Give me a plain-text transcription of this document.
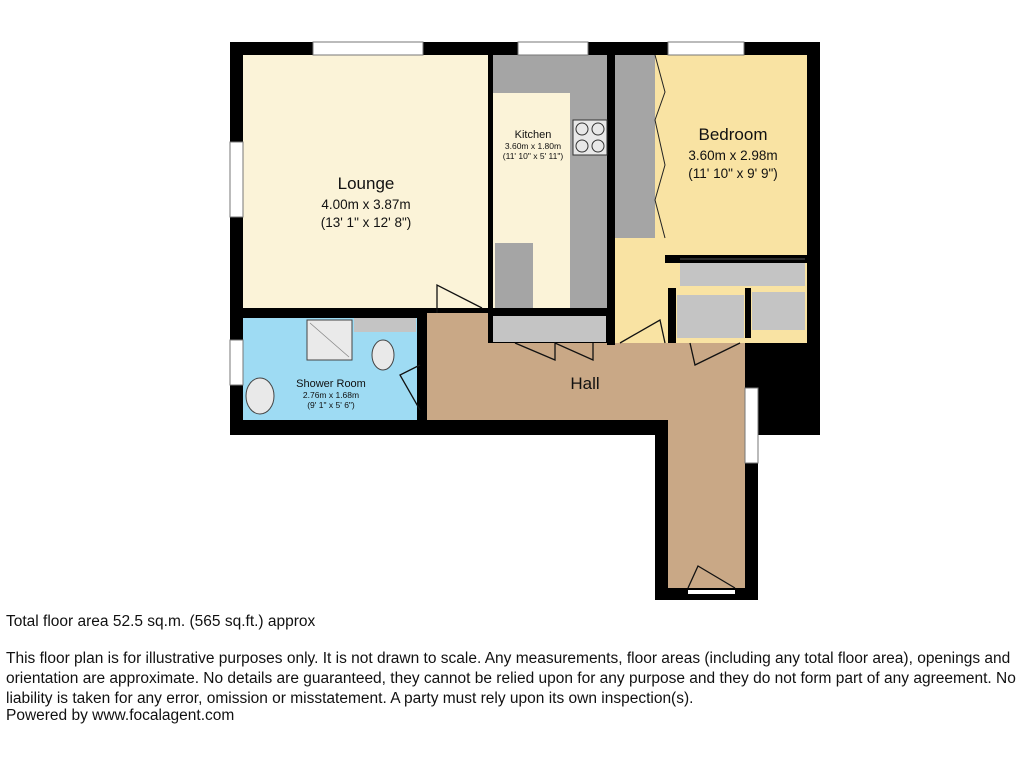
Lounge
4.00m x 3.87m
(13' 1" x 12' 8")
Kitchen
3.60m x 1.80m
(11' 10" x 5' 11")
Bedroom
3.60m x 2.98m
(11' 10" x 9' 9")
Shower Room
2.76m x 1.68m
(9' 1" x 5' 6")
Hall
Total floor area 52.5 sq.m. (565 sq.ft.) approx
This floor plan is for illustrative purposes only. It is not drawn to scale. Any measurements, floor areas (including any total floor area), openings and orientation are approximate. No details are guaranteed, they cannot be relied upon for any purpose and they do not form part of any agreement. No liability is taken for any error, omission or misstatement. A party must rely upon its own inspection(s).
Powered by www.focalagent.com
